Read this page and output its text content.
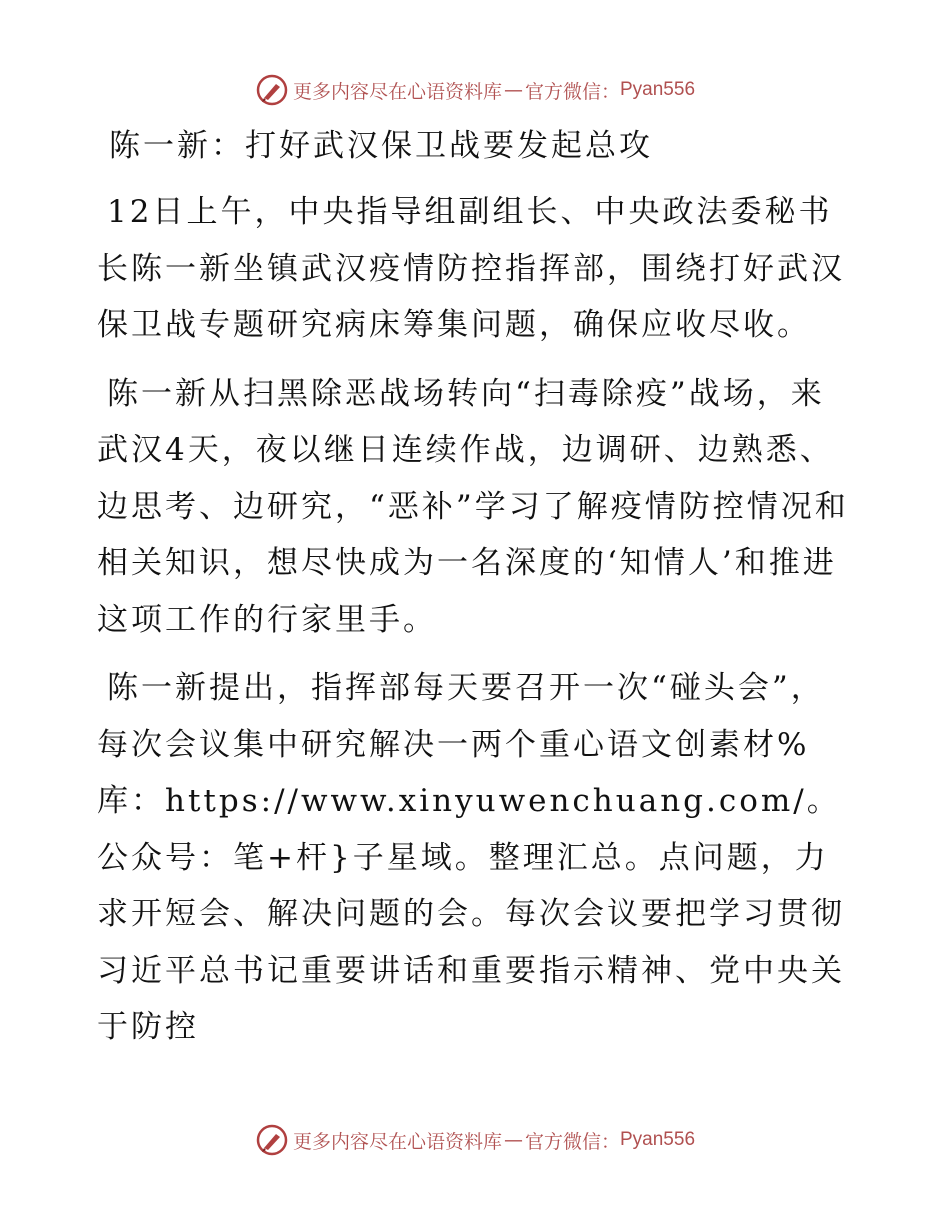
更多内容尽在心语资料库 — 官方微信： Pyan556
陈一新：打好武汉保卫战要发起总攻

12日上午，中央指导组副组长、中央政法委秘书长陈一新坐镇武汉疫情防控指挥部，围绕打好武汉保卫战专题研究病床筹集问题，确保应收尽收。

陈一新从扫黑除恶战场转向“扫毒除疫”战场，来武汉4天，夜以继日连续作战，边调研、边熟悉、边思考、边研究，“恶补”学习了解疫情防控情况和相关知识，想尽快成为一名深度的‘知情人’和推进这项工作的行家里手。

陈一新提出，指挥部每天要召开一次“碰头会”，每次会议集中研究解决一两个重心语文创素材%库：https://www.xinyuwenchuang.com/。公众号：笔+杆}子星域。整理汇总。点问题，力求开短会、解决问题的会。每次会议要把学习贯彻习近平总书记重要讲话和重要指示精神、党中央关于防控

更多内容尽在心语资料库 — 官方微信： Pyan556
